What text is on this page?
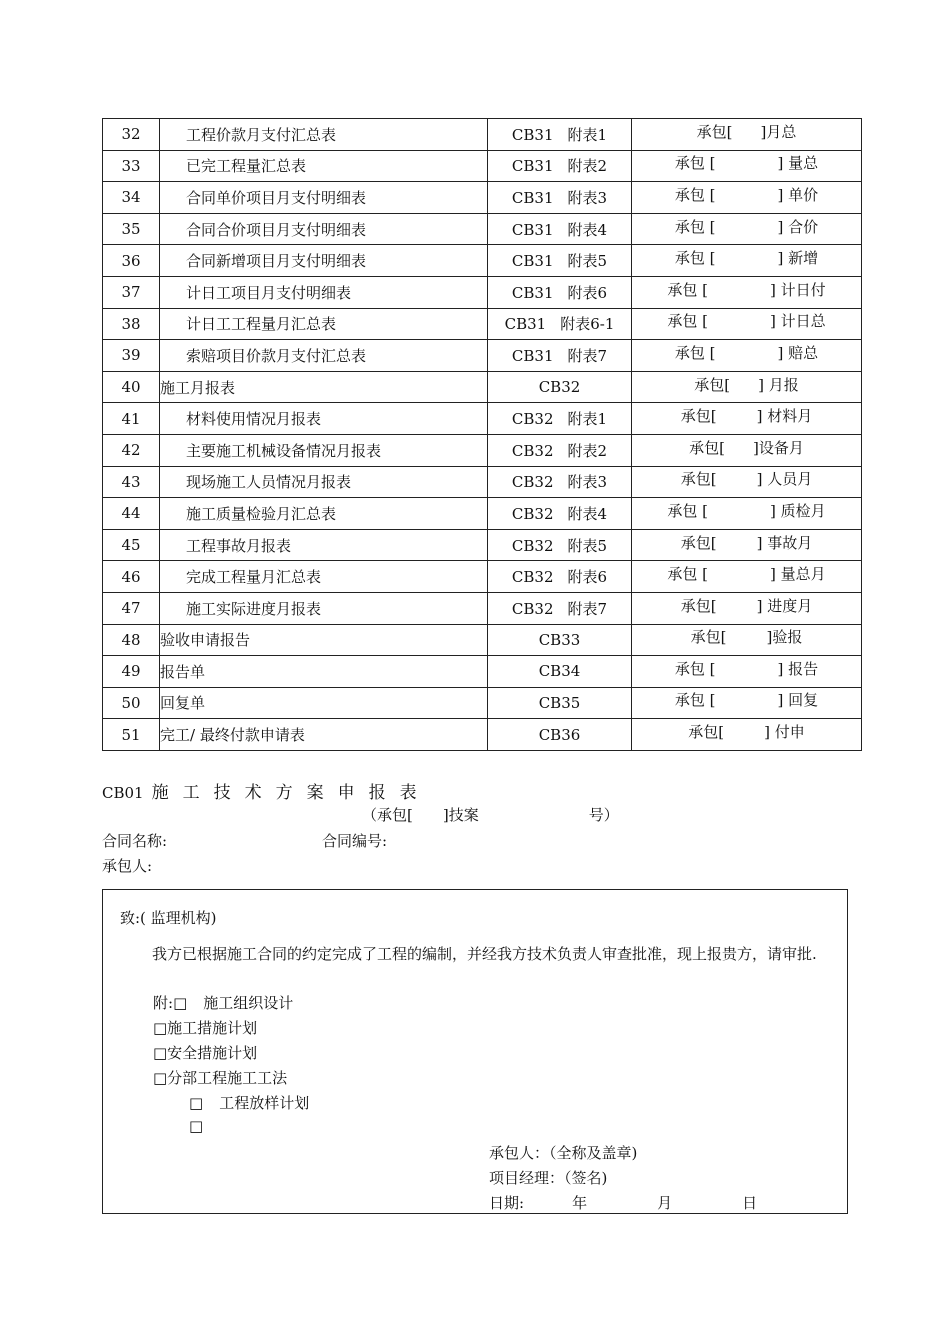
32	工程价款月支付汇总表	CB31 附表1	承包[ ]月总
33	已完工程量汇总表	CB31 附表2	承包 [ ] 量总
34	合同单价项目月支付明细表	CB31 附表3	承包 [ ] 单价
35	合同合价项目月支付明细表	CB31 附表4	承包 [ ] 合价
36	合同新增项目月支付明细表	CB31 附表5	承包 [ ] 新增
37	计日工项目月支付明细表	CB31 附表6	承包 [ ] 计日付
38	计日工工程量月汇总表	CB31 附表6-1	承包 [ ] 计日总
39	索赔项目价款月支付汇总表	CB31 附表7	承包 [ ] 赔总
40	施工月报表	CB32	承包[ ] 月报
41	材料使用情况月报表	CB32 附表1	承包[ ] 材料月
42	主要施工机械设备情况月报表	CB32 附表2	承包[ ]设备月
43	现场施工人员情况月报表	CB32 附表3	承包[ ] 人员月
44	施工质量检验月汇总表	CB32 附表4	承包 [ ] 质检月
45	工程事故月报表	CB32 附表5	承包[ ] 事故月
46	完成工程量月汇总表	CB32 附表6	承包 [ ] 量总月
47	施工实际进度月报表	CB32 附表7	承包[ ] 进度月
48	验收申请报告	CB33	承包[ ]验报
49	报告单	CB34	承包 [ ] 报告
50	回复单	CB35	承包 [ ] 回复
51	完工/ 最终付款申请表	CB36	承包[ ] 付申
CB01 施工技术方案申报表
（承包[ ]技案	号）
合同名称:	合同编号:
承包人:
致:( 监理机构)
我方已根据施工合同的约定完成了工程的编制，并经我方技术负责人审查批准，现上报贵方，请审批.
附:□ 施工组织设计
□施工措施计划
□安全措施计划
□分部工程施工工法
□ 工程放样计划
□
承包人：（全称及盖章)
项目经理：（签名)
日期:	年	月	日
